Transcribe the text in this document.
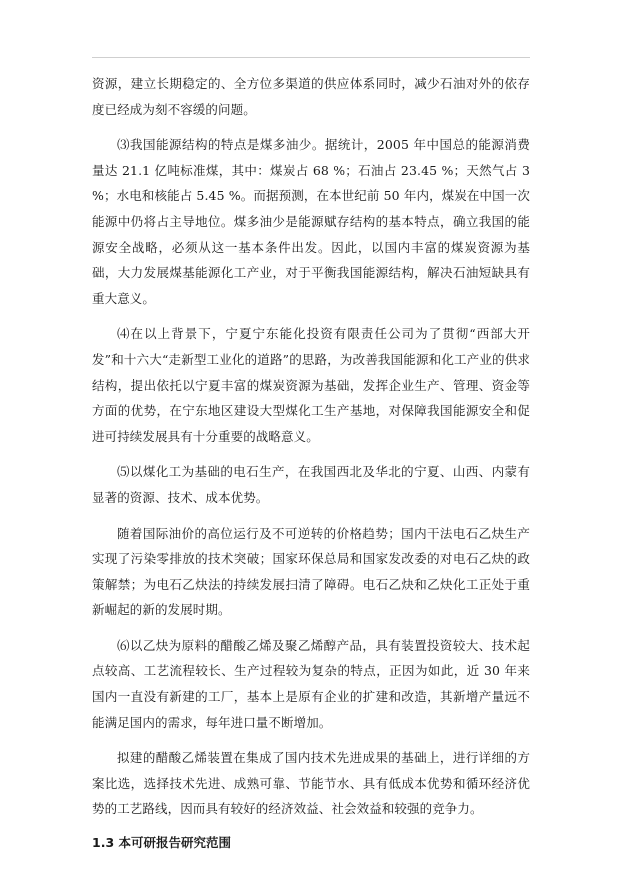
资源，建立长期稳定的、全方位多渠道的供应体系同时，减少石油对外的依存度已经成为刻不容缓的问题。

⑶我国能源结构的特点是煤多油少。据统计，2005 年中国总的能源消费量达 21.1 亿吨标准煤，其中：煤炭占 68 %；石油占 23.45 %；天然气占 3 %；水电和核能占 5.45 %。而据预测，在本世纪前 50 年内，煤炭在中国一次能源中仍将占主导地位。煤多油少是能源赋存结构的基本特点，确立我国的能源安全战略，必须从这一基本条件出发。因此，以国内丰富的煤炭资源为基础，大力发展煤基能源化工产业，对于平衡我国能源结构，解决石油短缺具有重大意义。

⑷在以上背景下，宁夏宁东能化投资有限责任公司为了贯彻“西部大开发”和十六大“走新型工业化的道路”的思路，为改善我国能源和化工产业的供求结构，提出依托以宁夏丰富的煤炭资源为基础，发挥企业生产、管理、资金等方面的优势，在宁东地区建设大型煤化工生产基地，对保障我国能源安全和促进可持续发展具有十分重要的战略意义。

⑸以煤化工为基础的电石生产，在我国西北及华北的宁夏、山西、内蒙有显著的资源、技术、成本优势。

随着国际油价的高位运行及不可逆转的价格趋势；国内干法电石乙炔生产实现了污染零排放的技术突破；国家环保总局和国家发改委的对电石乙炔的政策解禁；为电石乙炔法的持续发展扫清了障碍。电石乙炔和乙炔化工正处于重新崛起的新的发展时期。

⑹以乙炔为原料的醋酸乙烯及聚乙烯醇产品，具有装置投资较大、技术起点较高、工艺流程较长、生产过程较为复杂的特点，正因为如此，近 30 年来国内一直没有新建的工厂，基本上是原有企业的扩建和改造，其新增产量远不能满足国内的需求，每年进口量不断增加。

拟建的醋酸乙烯装置在集成了国内技术先进成果的基础上，进行详细的方案比选，选择技术先进、成熟可靠、节能节水、具有低成本优势和循环经济优势的工艺路线，因而具有较好的经济效益、社会效益和较强的竞争力。

1.3 本可研报告研究范围
